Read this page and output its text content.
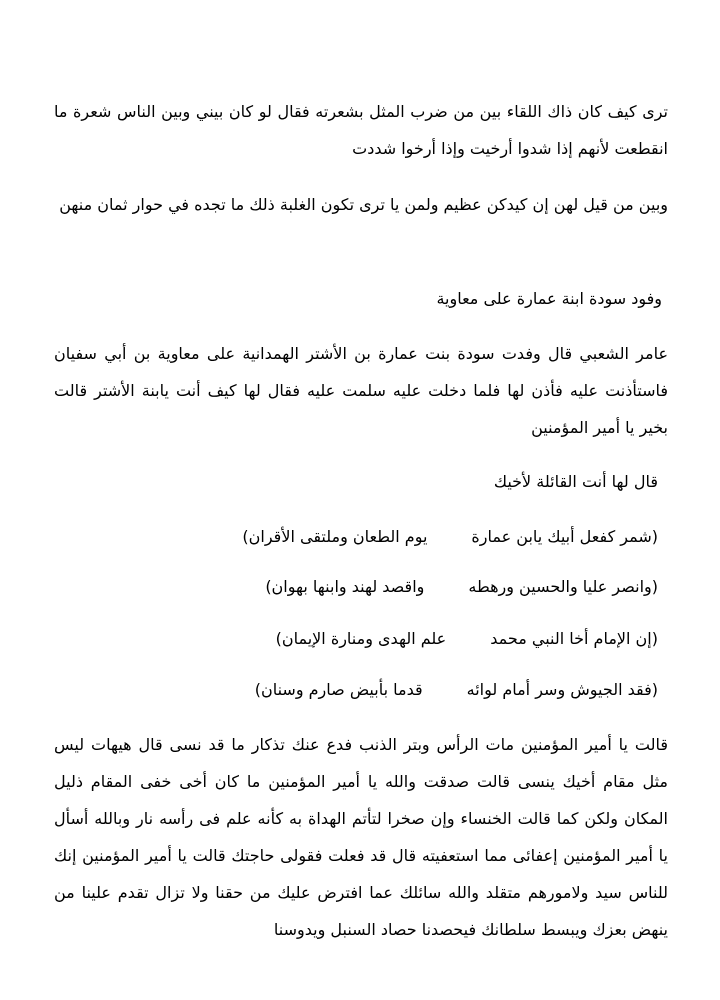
ترى كيف كان ذاك اللقاء بين من ضرب المثل بشعرته فقال لو كان بيني وبين الناس شعرة ما انقطعت لأنهم إذا شدوا أرخيت وإذا أرخوا شددت

وبين من قيل لهن إن كيدكن عظيم ولمن يا ترى تكون الغلبة ذلك ما تجده في حوار ثمان منهن

وفود سودة ابنة عمارة على معاوية

عامر الشعبي قال وفدت سودة بنت عمارة بن الأشتر الهمدانية على معاوية بن أبي سفيان فاستأذنت عليه فأذن لها فلما دخلت عليه سلمت عليه فقال لها كيف أنت يابنة الأشتر قالت بخير يا أمير المؤمنين

قال لها أنت القائلة لأخيك

(شمر كفعل أبيك يابن عمارة
يوم الطعان وملتقى الأقران)
(وانصر عليا والحسين ورهطه
واقصد لهند وابنها بهوان)
(إن الإمام أخا النبي محمد
علم الهدى ومنارة الإيمان)
(فقد الجيوش وسر أمام لوائه
قدما بأبيض صارم وسنان)

قالت يا أمير المؤمنين مات الرأس وبتر الذنب فدع عنك تذكار ما قد نسى قال هيهات ليس مثل مقام أخيك ينسى قالت صدقت والله يا أمير المؤمنين ما كان أخى خفى المقام ذليل المكان ولكن كما قالت الخنساء وإن صخرا لتأتم الهداة به كأنه علم فى رأسه نار وبالله أسأل يا أمير المؤمنين إعفائى مما استعفيته قال قد فعلت فقولى حاجتك قالت يا أمير المؤمنين إنك للناس سيد ولامورهم متقلد والله سائلك عما افترض عليك من حقنا ولا تزال تقدم علينا من ينهض بعزك ويبسط سلطانك فيحصدنا حصاد السنبل ويدوسنا
